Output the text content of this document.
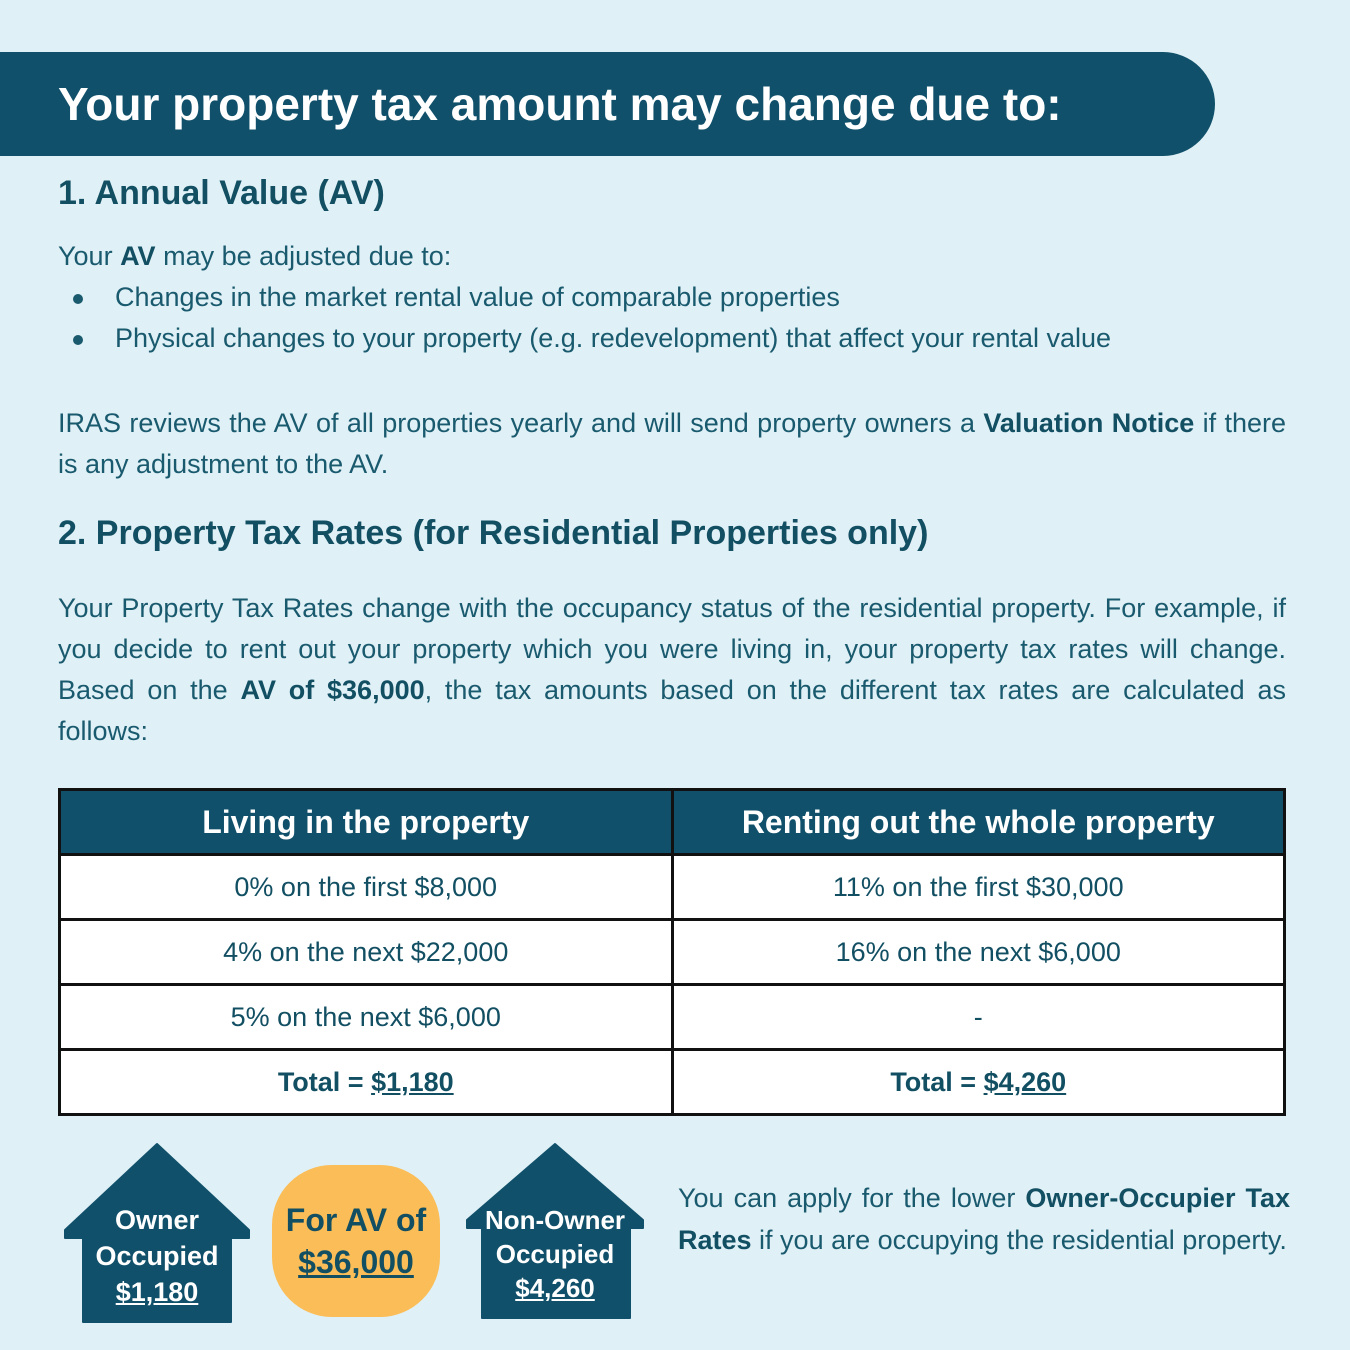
Your property tax amount may change due to:
1. Annual Value (AV)
Your AV may be adjusted due to:
Changes in the market rental value of comparable properties
Physical changes to your property (e.g. redevelopment) that affect your rental value
IRAS reviews the AV of all properties yearly and will send property owners a Valuation Notice if there is any adjustment to the AV.
2. Property Tax Rates (for Residential Properties only)
Your Property Tax Rates change with the occupancy status of the residential property. For example, if you decide to rent out your property which you were living in, your property tax rates will change. Based on the AV of $36,000, the tax amounts based on the different tax rates are calculated as follows:
Living in the property	Renting out the whole property
0% on the first $8,000	11% on the first $30,000
4% on the next $22,000	16% on the next $6,000
5% on the next $6,000	-
Total = $1,180	Total = $4,260
Owner
Occupied
$1,180
For AV of
$36,000
Non-Owner
Occupied
$4,260
You can apply for the lower Owner-Occupier Tax Rates if you are occupying the residential property.
